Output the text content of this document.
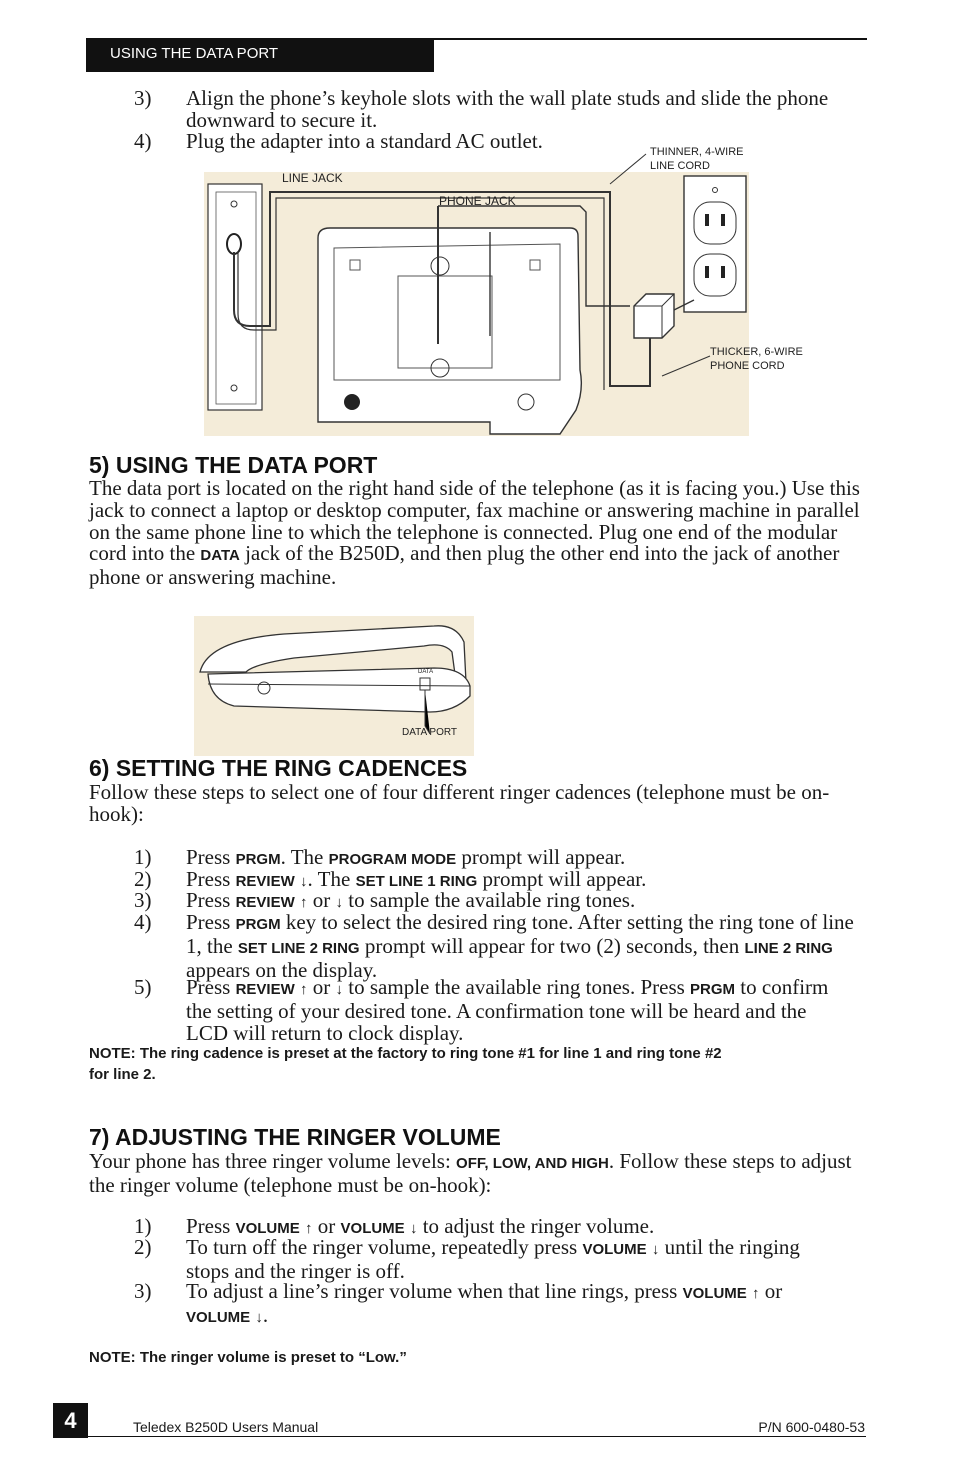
USING THE DATA PORT
3)	Align the phone’s keyhole slots with the wall plate studs and slide the phone downward to secure it.
4)	Plug the adapter into a standard AC outlet.
LINE JACK
PHONE JACK
THINNER, 4-WIRE
LINE CORD
THICKER, 6-WIRE
PHONE CORD
5) USING THE DATA PORT
The data port is located on the right hand side of the telephone (as it is facing you.) Use this jack to connect a laptop or desktop computer, fax machine or answering machine in parallel on the same phone line to which the telephone is connected. Plug one end of the modular cord into the DATA jack of the B250D, and then plug the other end into the jack of another phone or answering machine.
DATA
DATA PORT
6) SETTING THE RING CADENCES
Follow these steps to select one of four different ringer cadences (telephone must be on-hook):
1)	Press PRGM. The PROGRAM MODE prompt will appear.
2)	Press REVIEW ↓. The SET LINE 1 RING prompt will appear.
3)	Press REVIEW ↑ or ↓ to sample the available ring tones.
4)	Press PRGM key to select the desired ring tone. After setting the ring tone of line 1, the SET LINE 2 RING prompt will appear for two (2) seconds, then LINE 2 RING appears on the display.
5)	Press REVIEW ↑ or ↓ to sample the available ring tones. Press PRGM to confirm the setting of your desired tone. A confirmation tone will be heard and the LCD will return to clock display.
NOTE: The ring cadence is preset at the factory to ring tone #1 for line 1 and ring tone #2
for line 2.
7) ADJUSTING THE RINGER VOLUME
Your phone has three ringer volume levels: OFF, LOW, AND HIGH. Follow these steps to adjust the ringer volume (telephone must be on-hook):
1)	Press VOLUME ↑ or VOLUME ↓ to adjust the ringer volume.
2)	To turn off the ringer volume, repeatedly press VOLUME ↓ until the ringing stops and the ringer is off.
3)	To adjust a line’s ringer volume when that line rings, press VOLUME ↑ or VOLUME ↓.
NOTE: The ringer volume is preset to “Low.”
4	Teledex B250D Users Manual	P/N 600-0480-53
